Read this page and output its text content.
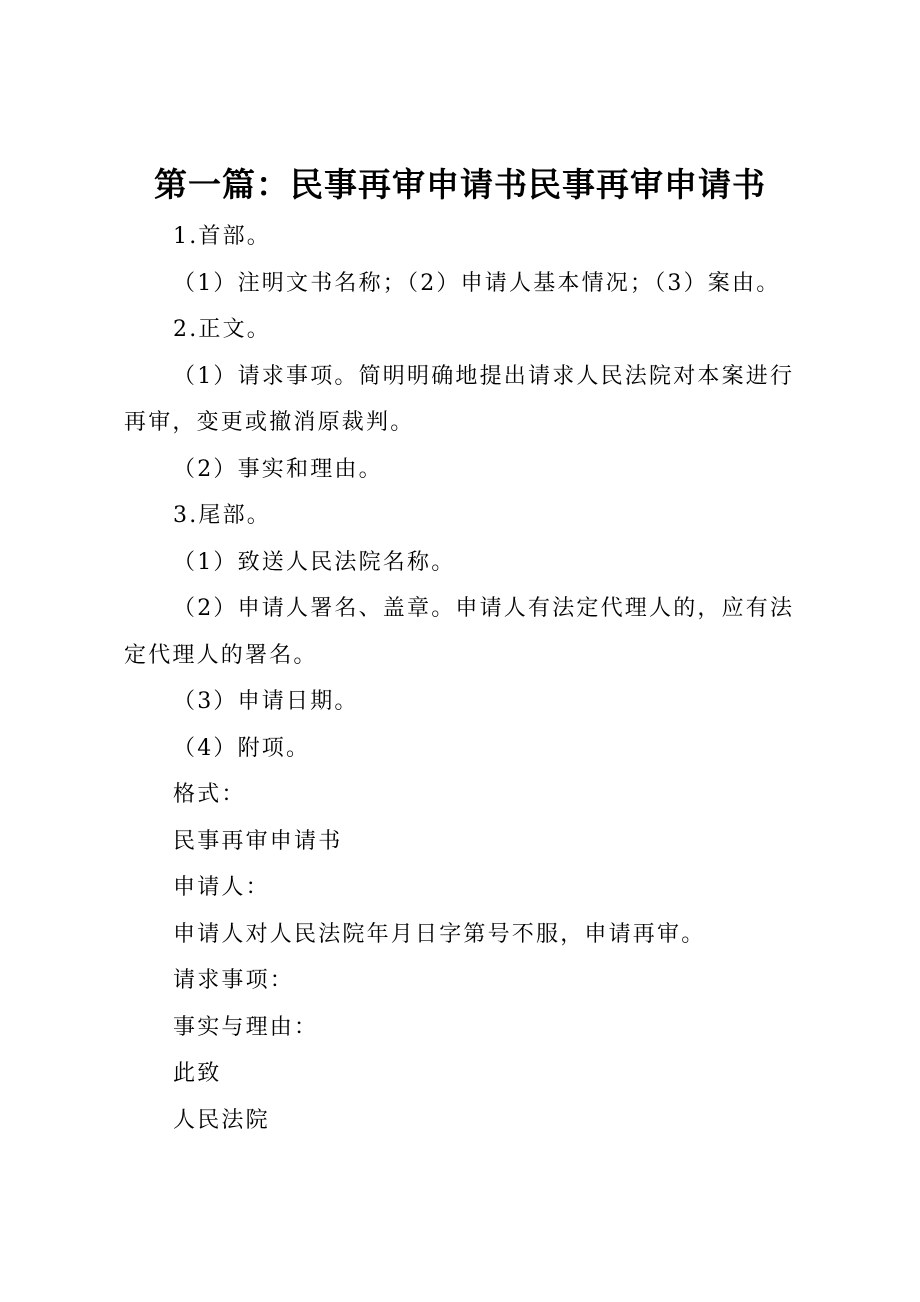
第一篇：民事再审申请书民事再审申请书

1.首部。

（1）注明文书名称；（2）申请人基本情况；（3）案由。

2.正文。

（1）请求事项。简明明确地提出请求人民法院对本案进行再审，变更或撤消原裁判。

（2）事实和理由。

3.尾部。

（1）致送人民法院名称。

（2）申请人署名、盖章。申请人有法定代理人的，应有法定代理人的署名。

（3）申请日期。

（4）附项。

格式：

民事再审申请书

申请人：

申请人对人民法院年月日字第号不服，申请再审。

请求事项：

事实与理由：

此致

人民法院
